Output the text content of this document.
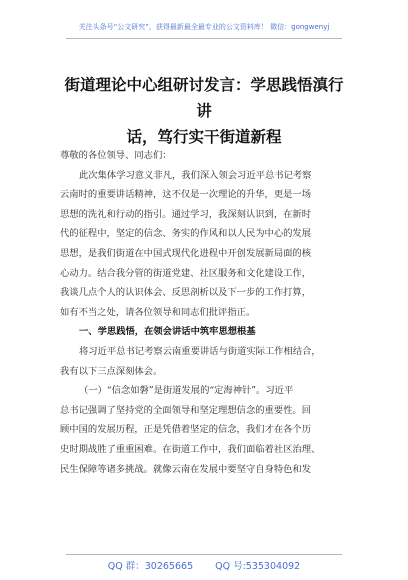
关注头条号“公文研究”，获得最新最全最专业的公文资料库！ 微信：gongwenyj
街道理论中心组研讨发言：学思践悟滇行讲
话，笃行实干街道新程
尊敬的各位领导、同志们：
此次集体学习意义非凡，我们深入领会习近平总书记考察
云南时的重要讲话精神，这不仅是一次理论的升华，更是一场
思想的洗礼和行动的指引。通过学习，我深刻认识到，在新时
代的征程中，坚定的信念、务实的作风和以人民为中心的发展
思想，是我们街道在中国式现代化进程中开创发展新局面的核
心动力。结合我分管的街道党建、社区服务和文化建设工作，
我谈几点个人的认识体会、反思剖析以及下一步的工作打算，
如有不当之处，请各位领导和同志们批评指正。
一、学思践悟，在领会讲话中筑牢思想根基
将习近平总书记考察云南重要讲话与街道实际工作相结合，
我有以下三点深刻体会。
（一）“信念如磐”是街道发展的“定海神针”。习近平
总书记强调了坚持党的全面领导和坚定理想信念的重要性。回
顾中国的发展历程，正是凭借着坚定的信念，我们才在各个历
史时期战胜了重重困难。在街道工作中，我们面临着社区治理、
民生保障等诸多挑战。就像云南在发展中要坚守自身特色和发
QQ 群：30265665 QQ 号:535304092
